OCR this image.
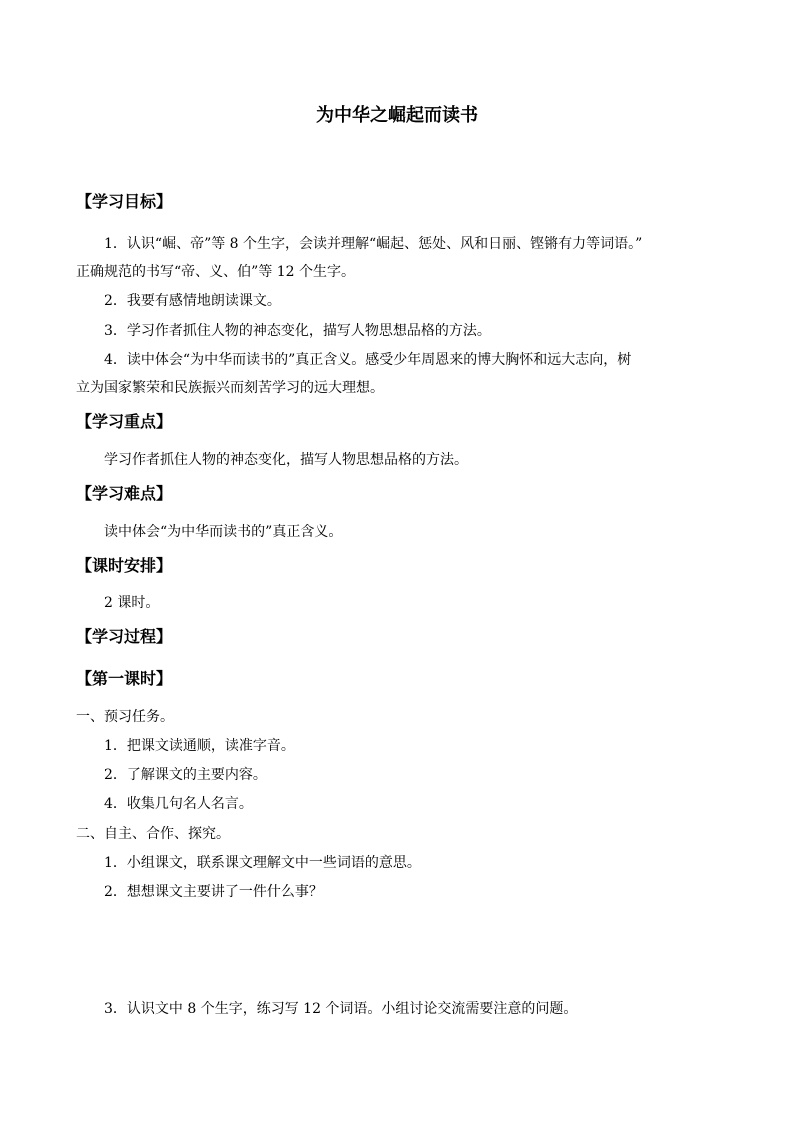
为中华之崛起而读书
【学习目标】

1．认识“崛、帝”等 8 个生字，会读并理解“崛起、惩处、风和日丽、铿锵有力等词语。”

正确规范的书写“帝、义、伯”等 12 个生字。

2．我要有感情地朗读课文。

3．学习作者抓住人物的神态变化，描写人物思想品格的方法。

4．读中体会“为中华而读书的”真正含义。感受少年周恩来的博大胸怀和远大志向，树

立为国家繁荣和民族振兴而刻苦学习的远大理想。

【学习重点】

学习作者抓住人物的神态变化，描写人物思想品格的方法。

【学习难点】

读中体会“为中华而读书的”真正含义。

【课时安排】

2 课时。

【学习过程】
【第一课时】

一、预习任务。

1．把课文读通顺，读准字音。

2．了解课文的主要内容。

4．收集几句名人名言。

二、自主、合作、探究。

1．小组课文，联系课文理解文中一些词语的意思。

2．想想课文主要讲了一件什么事？

3．认识文中 8 个生字，练习写 12 个词语。小组讨论交流需要注意的问题。
